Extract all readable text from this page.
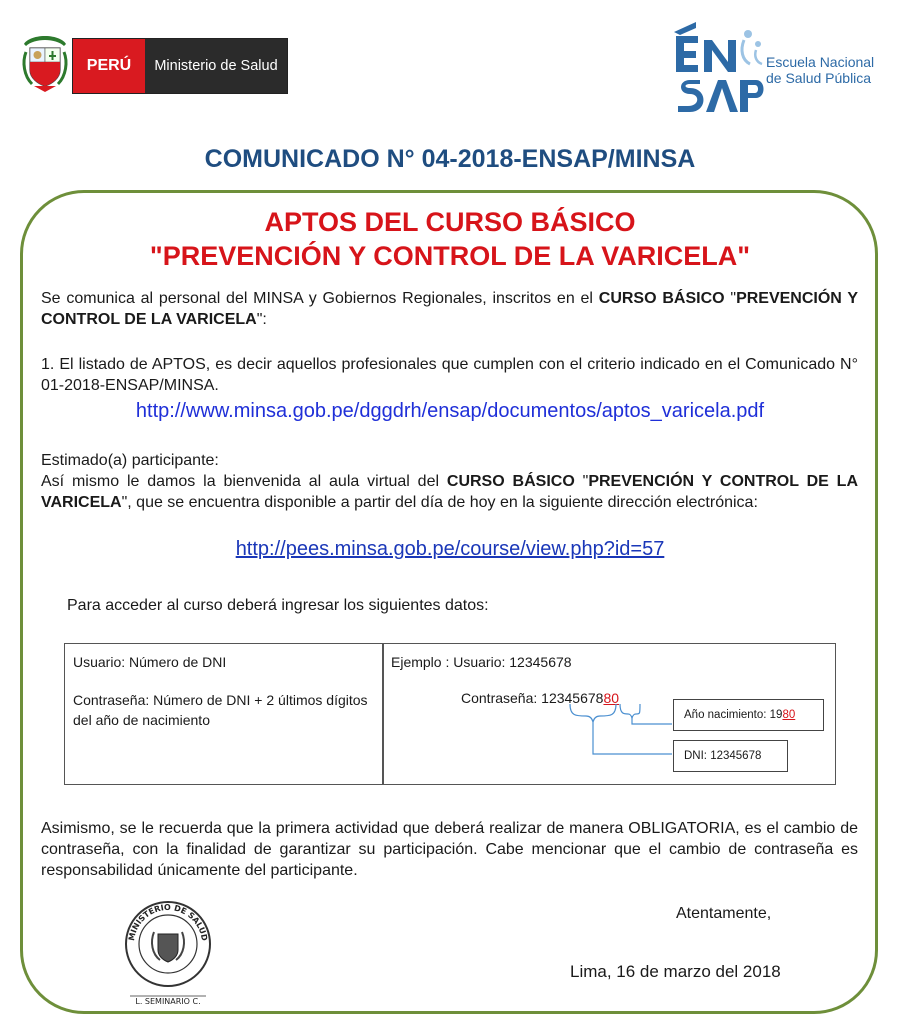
PERÚ	Ministerio de Salud	Escuela Nacional
de Salud Pública
COMUNICADO N° 04-2018-ENSAP/MINSA
APTOS DEL CURSO BÁSICO
"PREVENCIÓN Y CONTROL DE LA VARICELA"
Se comunica al personal del MINSA y Gobiernos Regionales, inscritos en el CURSO BÁSICO "PREVENCIÓN Y CONTROL DE LA VARICELA":
1. El listado de APTOS, es decir aquellos profesionales que cumplen con el criterio indicado en el Comunicado N° 01-2018-ENSAP/MINSA.
http://www.minsa.gob.pe/dggdrh/ensap/documentos/aptos_varicela.pdf
Estimado(a) participante:
Así mismo le damos la bienvenida al aula virtual del CURSO BÁSICO "PREVENCIÓN Y CONTROL DE LA VARICELA", que se encuentra disponible a partir del día de hoy en la siguiente dirección electrónica:
http://pees.minsa.gob.pe/course/view.php?id=57
Para acceder al curso deberá ingresar los siguientes datos:
Usuario: Número de DNI
Contraseña: Número de DNI + 2 últimos dígitos del año de nacimiento
Ejemplo : Usuario: 12345678
Contraseña: 1234567880
Año nacimiento: 19 80
DNI: 12345678
Asimismo, se le recuerda que la primera actividad que deberá realizar de manera OBLIGATORIA, es el cambio de contraseña, con la finalidad de garantizar su participación. Cabe mencionar que el cambio de contraseña es responsabilidad únicamente del participante.
Atentamente,
Lima, 16 de marzo del 2018
MINISTERIO DE SALUD
L. SEMINARIO C.
